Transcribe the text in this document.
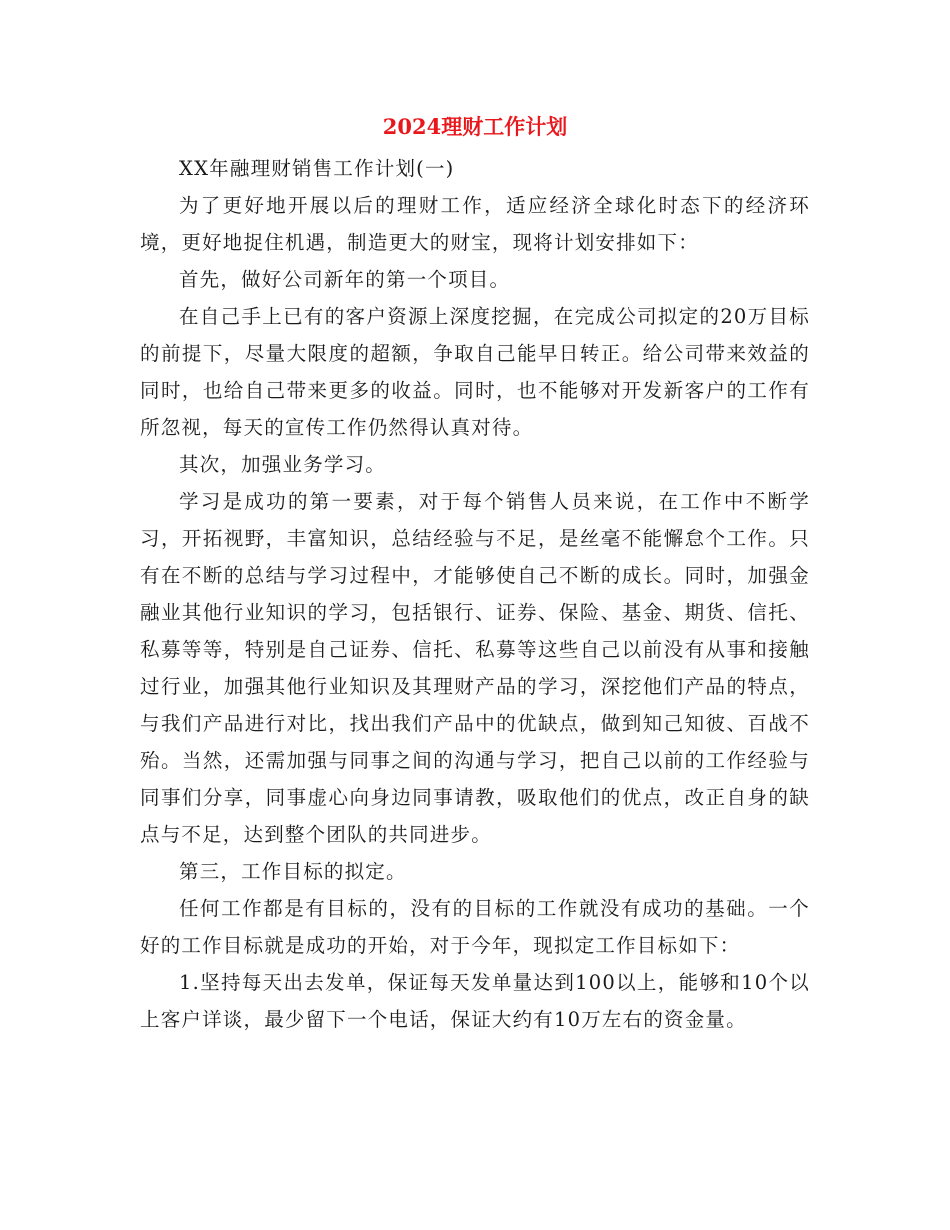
2024理财工作计划

XX年融理财销售工作计划(一)

为了更好地开展以后的理财工作，适应经济全球化时态下的经济环境，更好地捉住机遇，制造更大的财宝，现将计划安排如下：

首先，做好公司新年的第一个项目。

在自己手上已有的客户资源上深度挖掘，在完成公司拟定的20万目标的前提下，尽量大限度的超额，争取自己能早日转正。给公司带来效益的同时，也给自己带来更多的收益。同时，也不能够对开发新客户的工作有所忽视，每天的宣传工作仍然得认真对待。

其次，加强业务学习。

学习是成功的第一要素，对于每个销售人员来说，在工作中不断学习，开拓视野，丰富知识，总结经验与不足，是丝毫不能懈怠个工作。只有在不断的总结与学习过程中，才能够使自己不断的成长。同时，加强金融业其他行业知识的学习，包括银行、证券、保险、基金、期货、信托、私募等等，特别是自己证券、信托、私募等这些自己以前没有从事和接触过行业，加强其他行业知识及其理财产品的学习，深挖他们产品的特点，与我们产品进行对比，找出我们产品中的优缺点，做到知己知彼、百战不殆。当然，还需加强与同事之间的沟通与学习，把自己以前的工作经验与同事们分享，同事虚心向身边同事请教，吸取他们的优点，改正自身的缺点与不足，达到整个团队的共同进步。

第三，工作目标的拟定。

任何工作都是有目标的，没有的目标的工作就没有成功的基础。一个好的工作目标就是成功的开始，对于今年，现拟定工作目标如下：

1.坚持每天出去发单，保证每天发单量达到100以上，能够和10个以上客户详谈，最少留下一个电话，保证大约有10万左右的资金量。
